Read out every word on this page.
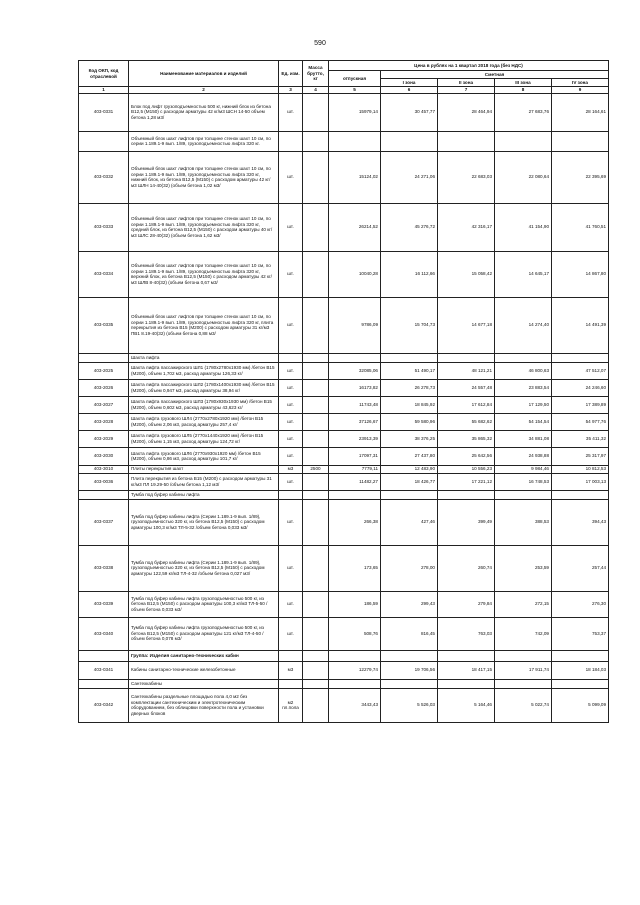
590
Код ОКП, код отраслевой	Наименование материалов и изделий	Ед. изм.	Масса брутто, кг	Цена в рублях на 1 квартал 2018 года (без НДС)				
				отпускная	Сметная			
					I зона	II зона	III зона	IV зона
1	2	3	4	5	6	7	8	9
403-0331	Блок под лифт грузоподъемностью 500 кг, нижний блок из бетона В12,5 (М150) с расходом арматуры 42 кг/м3 ШСН 14-50 объем бетона 1,28 м3/	шт.		15979,14	30 457,77	28 464,94	27 683,76	28 164,61
	Объемный блок шахт лифтов при толщине стенок шахт 10 см, по серии 1.189.1-9 вып. 1/89, грузоподъемностью лифта 320 кг.							
403-0332	Объемный блок шахт лифтов при толщине стенок шахт 10 см, по серии 1.189.1-9 вып. 1/89, грузоподъемностью лифта 320 кг, нижний блок, из бетона В12,5 (М150) с расходом арматуры 42 кг/м3 ШЛН 14-40(32) (объем бетона 1,02 м3/	шт.		15124,02	24 271,06	22 683,03	22 080,64	22 395,69
403-0333	Объемный блок шахт лифтов при толщине стенок шахт 10 см, по серии 1.189.1-9 вып. 1/89, грузоподъемностью лифта 320 кг, средний блок, из бетона В12,5 (М150) с расходом арматуры 40 кг/м3 ШЛС 28-40(32) (объем бетона 1,62 м3/	шт.		26214,52	45 276,72	42 316,17	41 154,90	41 760,51
403-0334	Объемный блок шахт лифтов при толщине стенок шахт 10 см, по серии 1.189.1-9 вып. 1/89, грузоподъемностью лифта 320 кг, верхний блок, из бетона В12,5 (М150) с расходом арматуры 42 кг/м3 ШЛВ 8-40(32) (объем бетона 0,67 м3/	шт.		10040,28	16 112,66	15 058,42	14 645,17	14 867,80
403-0335	Объемный блок шахт лифтов при толщине стенок шахт 10 см, по серии 1.189.1-9 вып. 1/89, грузоподъемностью лифта 320 кг, плита перекрытия из бетона В15 (М200) с расходом арматуры 31 кг/м3 ПВ1 8.19-40(32) (объем бетона 0,88 м3/	шт.		9786,09	15 704,73	14 677,18	14 274,40	14 491,39
	Шахта лифта							
403-2025	Шахта лифта пассажирского ШЛ1 (1780х2780х1930 мм) /бетон В15 (М200), объем 1,702 м3, расход арматуры 126,33 кг/	шт.		32085,06	51 490,17	48 121,21	46 800,63	47 512,07
403-2026	Шахта лифта пассажирского ШЛ2 (1780х1400х1930 мм) /бетон В15 (М200), объем 0,947 м3, расход арматуры 38,94 кг/	шт.		16173,82	26 278,73	24 557,48	23 883,54	24 246,60
403-2027	Шахта лифта пассажирского ШЛ3 (1780х930х1930 мм) /бетон В15 (М200), объем 0,602 м3, расход арматуры 43,623 кг/	шт.		11743,48	18 845,92	17 612,84	17 129,50	17 389,89
403-2028	Шахта лифта грузового ШЛ4 (2770х2780х1920 мм) /бетон В15 (М200), объем 2,06 м3, расход арматуры 257,4 кг/	шт.		37126,67	59 580,96	55 682,62	54 154,54	54 977,76
403-2029	Шахта лифта грузового ШЛ5 (2770х1440х1920 мм) /бетон В15 (М200), объем 1,15 м3, расход арматуры 124,72 кг/	шт.		23913,39	38 376,25	35 865,32	34 881,08	35 411,32
403-2030	Шахта лифта грузового ШЛ6 (2770х930х1920 мм) /бетон В15 (М200), объем 0,86 м3, расход арматуры 101,7 кг/	шт.		17097,31	27 437,80	25 642,56	24 938,88	25 317,97
403-3010	Плиты перекрытия шахт	м3	2500	7779,11	12 483,90	10 556,23	9 984,46	10 812,53
403-0036	Плита перекрытия из бетона В15 (М200) с расходом арматуры 31 кг/м3 ПЛ 19.29-50 /объем бетона 1,12 м3/	шт.		11482,27	18 426,77	17 221,12	16 748,53	17 003,13
	Тумба под буфер кабины лифта							
403-0337	Тумба под буфер кабины лифта (Серии 1.189.1-9 вып. 1/89), грузоподъемностью 320 кг, из бетона В12,5 (М150) с расходом арматуры 100,3 кг/м3 ТЛ-5-32 /объем бетона 0,033 м3/	шт.		266,38	427,46	399,49	388,53	394,43
403-0338	Тумба под буфер кабины лифта (Серии 1.189.1-9 вып. 1/89), грузоподъемностью 320 кг, из бетона В12,5 (М150) с расходом арматуры 122,59 кг/м3 ТЛ-4-32 /объем бетона 0,027 м3/	шт.		173,65	278,00	260,74	253,59	257,44
403-0339	Тумба под буфер кабины лифта грузоподъемностью 500 кг, из бетона В12,5 (М150) с расходом арматуры 100,3 кг/м3 ТЛ-5-50 /объем бетона 0,033 м3/	шт.		186,59	299,43	279,84	272,15	276,30
403-0340	Тумба под буфер кабины лифта грузоподъемностью 500 кг, из бетона В12,5 (М150) с расходом арматуры 121 кг/м3 ТЛ-4-50 /объем бетона 0,078 м3/	шт.		508,76	816,45	763,03	742,09	753,37
	Группа: Изделия санитарно-технических кабин							
403-0341	Кабины санитарно-технические железобетонные	м3		12279,74	19 706,56	18 417,15	17 911,74	18 184,03
	Сантехкабины							
403-0342	Сантехкабины раздельные площадью пола 4,0 м2 без комплектации сантехническим и электротехническим оборудованием, без облицовки поверхности пола и установки дверных блоков	м2 пл.пола		3443,43	5 526,03	5 164,46	5 022,74	5 099,09
